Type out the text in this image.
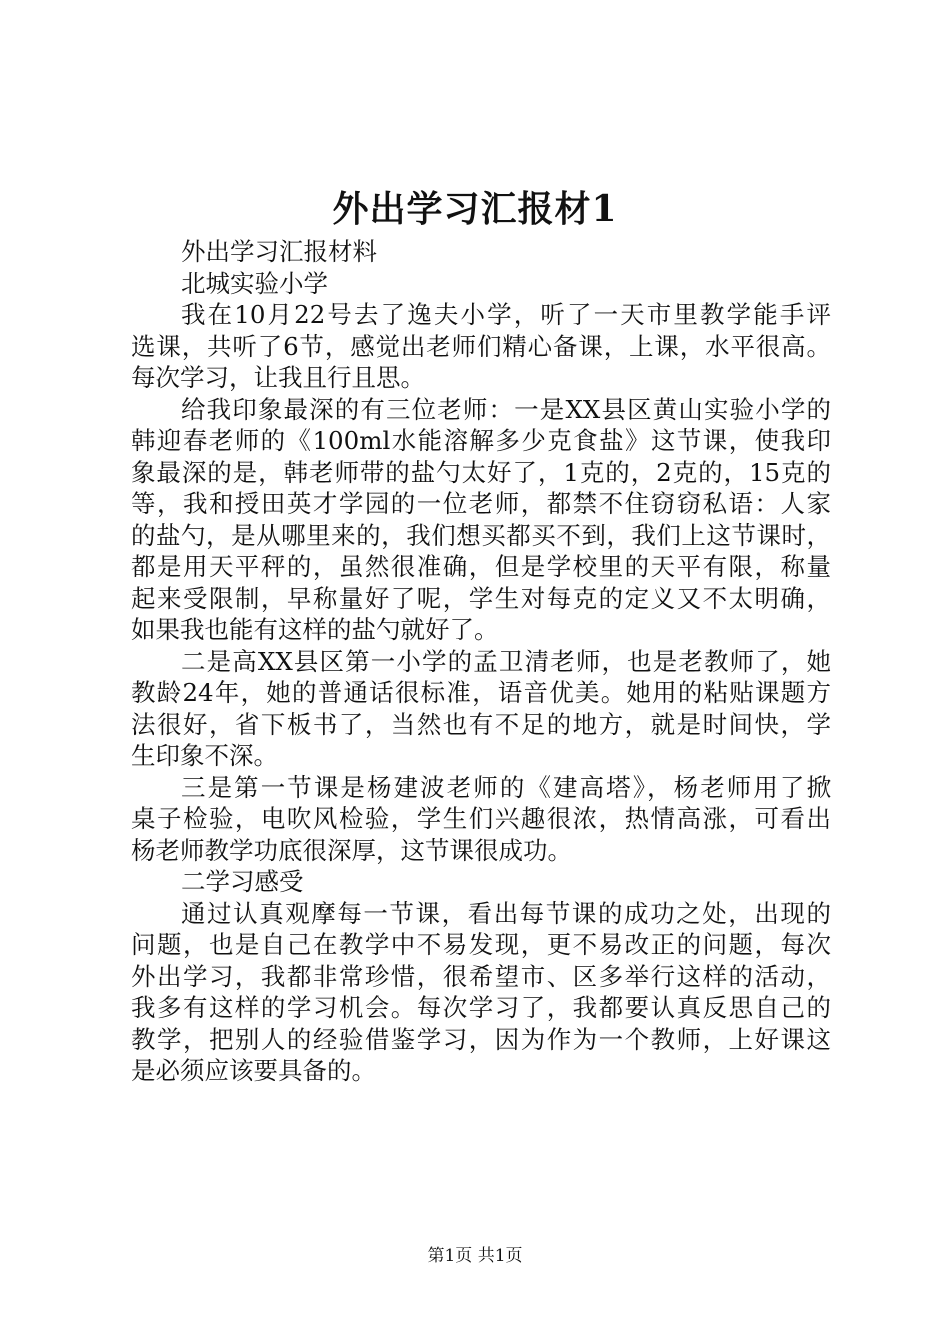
外出学习汇报材1
外出学习汇报材料
北城实验小学
我在10月22号去了逸夫小学，听了一天市里教学能手评
选课，共听了6节，感觉出老师们精心备课，上课，水平很高。
每次学习，让我且行且思。
给我印象最深的有三位老师：一是XX县区黄山实验小学的
韩迎春老师的《100ml水能溶解多少克食盐》这节课，使我印
象最深的是，韩老师带的盐勺太好了，1克的，2克的，15克的
等，我和授田英才学园的一位老师，都禁不住窃窃私语：人家
的盐勺，是从哪里来的，我们想买都买不到，我们上这节课时，
都是用天平秤的，虽然很准确，但是学校里的天平有限，称量
起来受限制，早称量好了呢，学生对每克的定义又不太明确，
如果我也能有这样的盐勺就好了。
二是高XX县区第一小学的孟卫清老师，也是老教师了，她
教龄24年，她的普通话很标准，语音优美。她用的粘贴课题方
法很好，省下板书了，当然也有不足的地方，就是时间快，学
生印象不深。
三是第一节课是杨建波老师的《建高塔》，杨老师用了掀
桌子检验，电吹风检验，学生们兴趣很浓，热情高涨，可看出
杨老师教学功底很深厚，这节课很成功。
二学习感受
通过认真观摩每一节课，看出每节课的成功之处，出现的
问题，也是自己在教学中不易发现，更不易改正的问题，每次
外出学习，我都非常珍惜，很希望市、区多举行这样的活动，
我多有这样的学习机会。每次学习了，我都要认真反思自己的
教学，把别人的经验借鉴学习，因为作为一个教师，上好课这
是必须应该要具备的。
第1页 共1页
